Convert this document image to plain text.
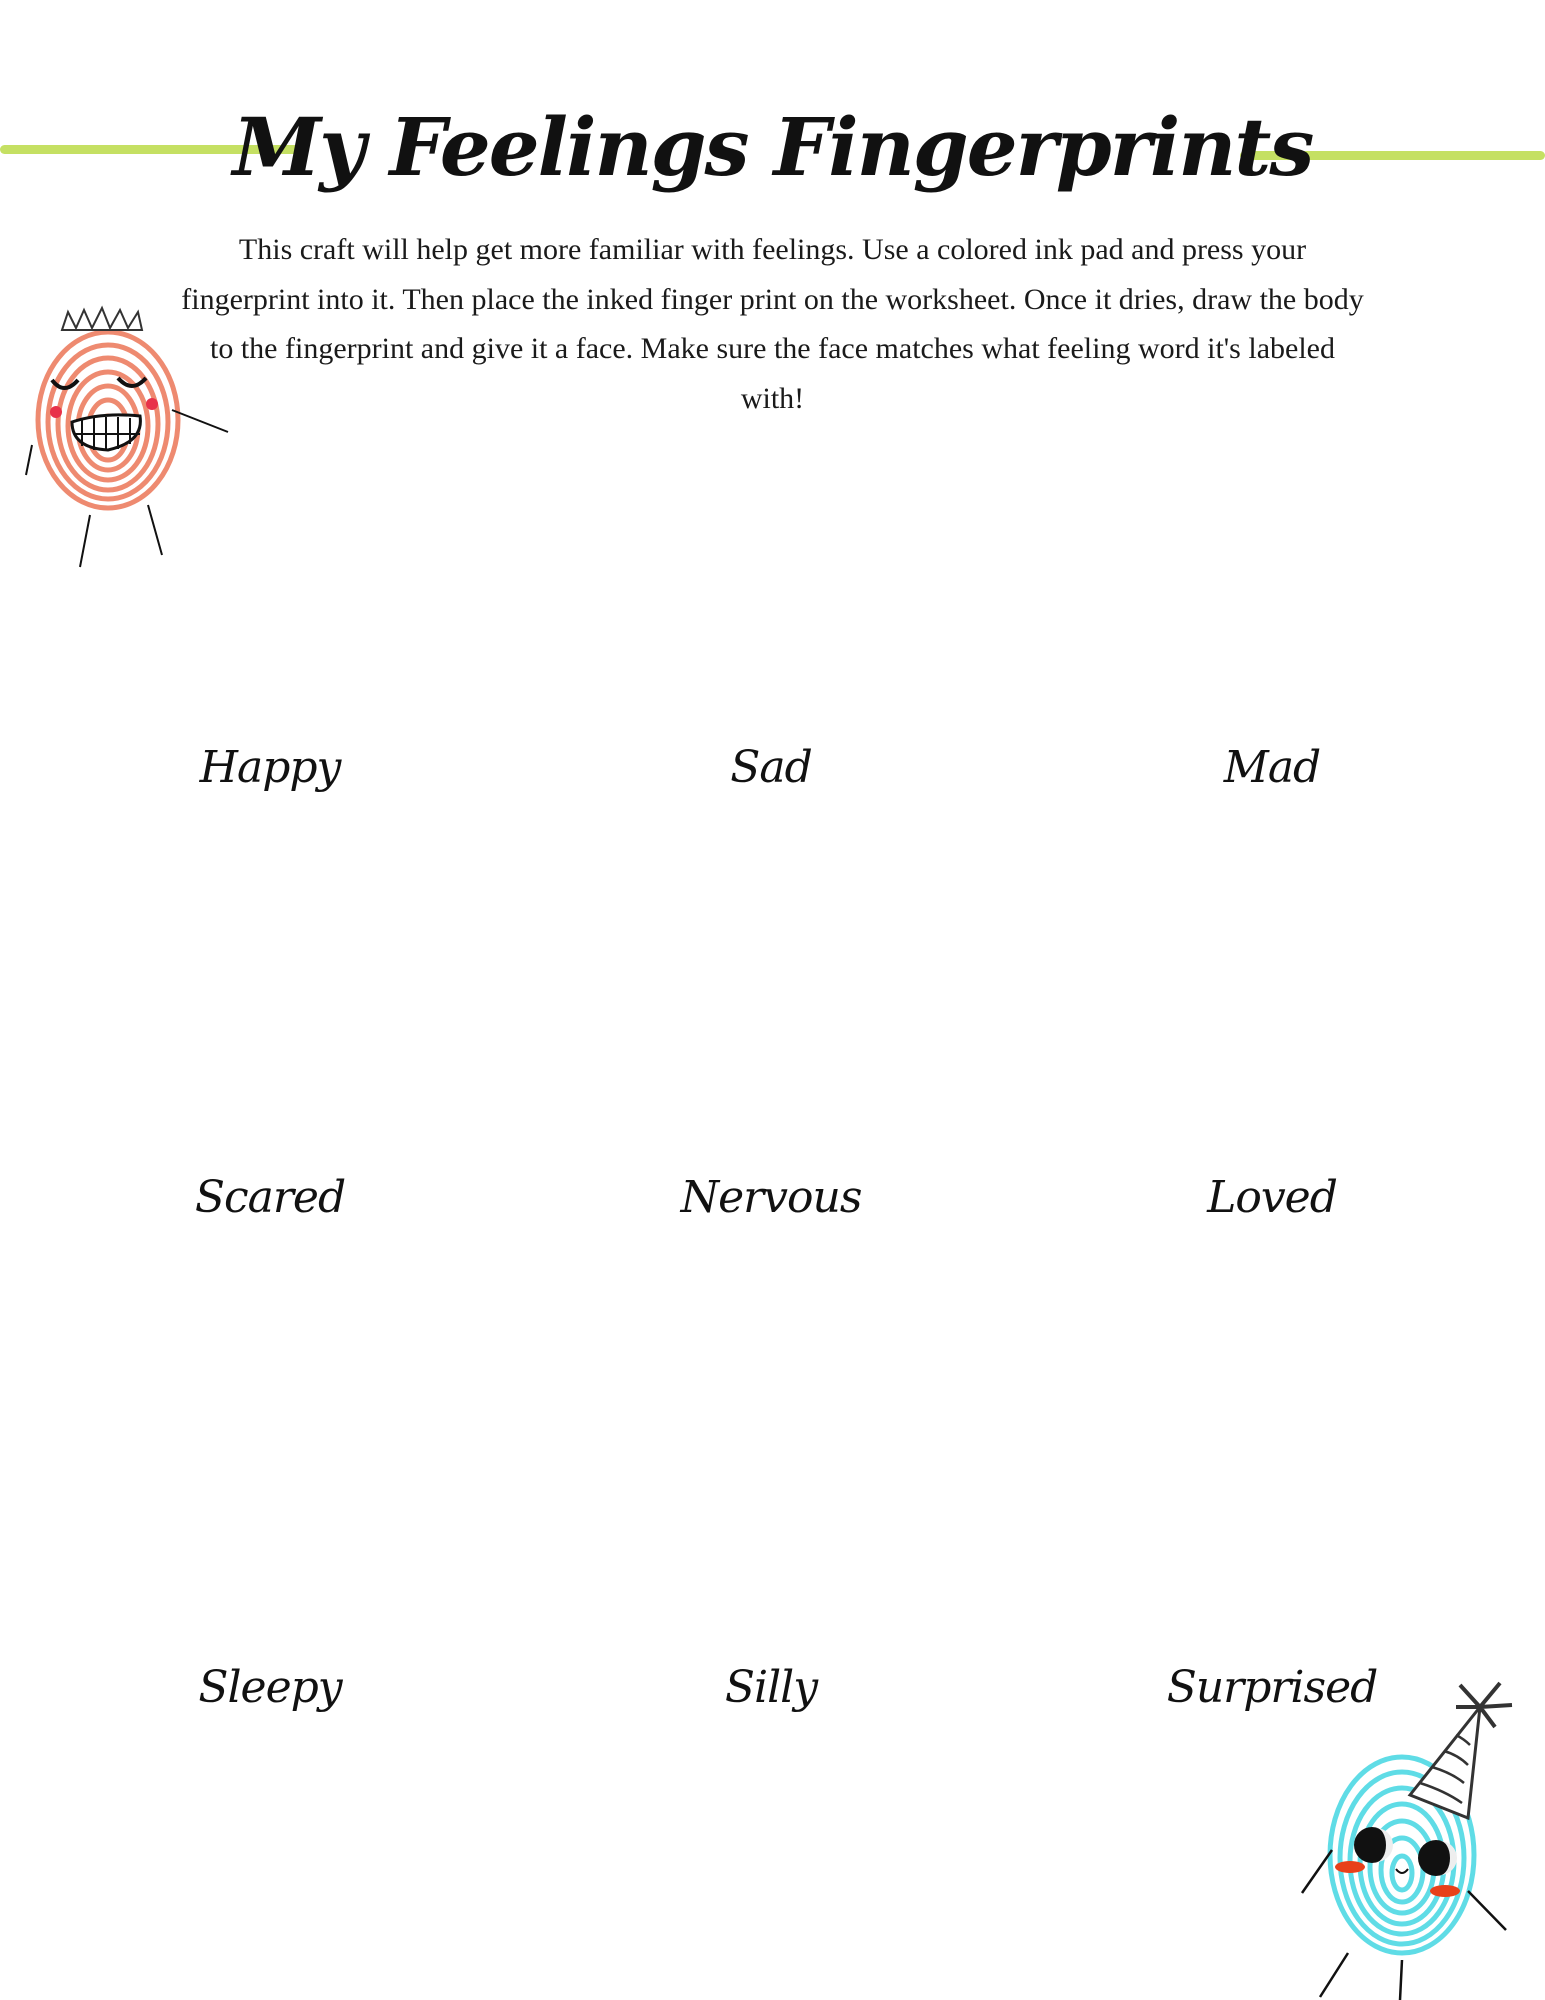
My Feelings Fingerprints
This craft will help get more familiar with feelings. Use a colored ink pad and press your fingerprint into it. Then place the inked finger print on the worksheet. Once it dries, draw the body to the fingerprint and give it a face. Make sure the face matches what feeling word it's labeled with!
Happy	Sad	Mad
Scared	Nervous	Loved
Sleepy	Silly	Surprised
